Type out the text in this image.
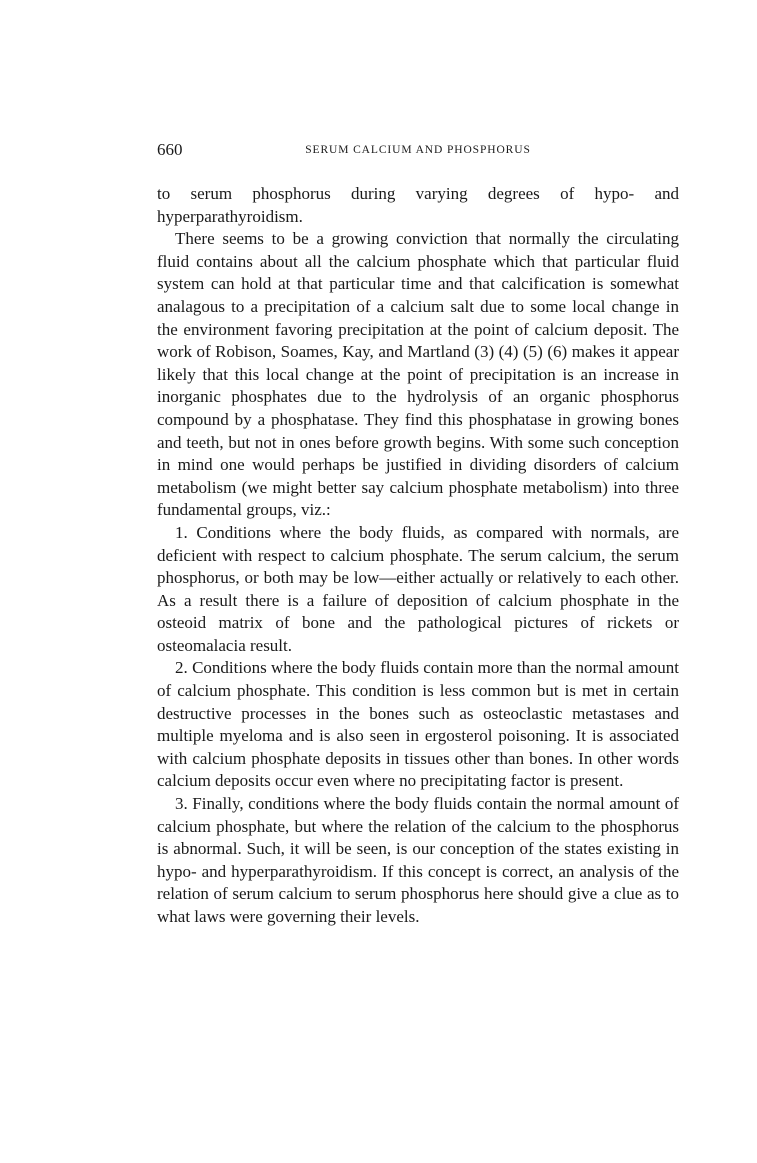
660	SERUM CALCIUM AND PHOSPHORUS

to serum phosphorus during varying degrees of hypo- and hyperparathyroidism.

There seems to be a growing conviction that normally the circulating fluid contains about all the calcium phosphate which that particular fluid system can hold at that particular time and that calcification is somewhat analagous to a precipitation of a calcium salt due to some local change in the environment favoring precipitation at the point of calcium deposit. The work of Robison, Soames, Kay, and Martland (3) (4) (5) (6) makes it appear likely that this local change at the point of precipitation is an increase in inorganic phosphates due to the hydrolysis of an organic phosphorus compound by a phosphatase. They find this phosphatase in growing bones and teeth, but not in ones before growth begins. With some such conception in mind one would perhaps be justified in dividing disorders of calcium metabolism (we might better say calcium phosphate metabolism) into three fundamental groups, viz.:

1. Conditions where the body fluids, as compared with normals, are deficient with respect to calcium phosphate. The serum calcium, the serum phosphorus, or both may be low—either actually or relatively to each other. As a result there is a failure of deposition of calcium phosphate in the osteoid matrix of bone and the pathological pictures of rickets or osteomalacia result.

2. Conditions where the body fluids contain more than the normal amount of calcium phosphate. This condition is less common but is met in certain destructive processes in the bones such as osteoclastic metastases and multiple myeloma and is also seen in ergosterol poisoning. It is associated with calcium phosphate deposits in tissues other than bones. In other words calcium deposits occur even where no precipitating factor is present.

3. Finally, conditions where the body fluids contain the normal amount of calcium phosphate, but where the relation of the calcium to the phosphorus is abnormal. Such, it will be seen, is our conception of the states existing in hypo- and hyperparathyroidism. If this concept is correct, an analysis of the relation of serum calcium to serum phosphorus here should give a clue as to what laws were governing their levels.
